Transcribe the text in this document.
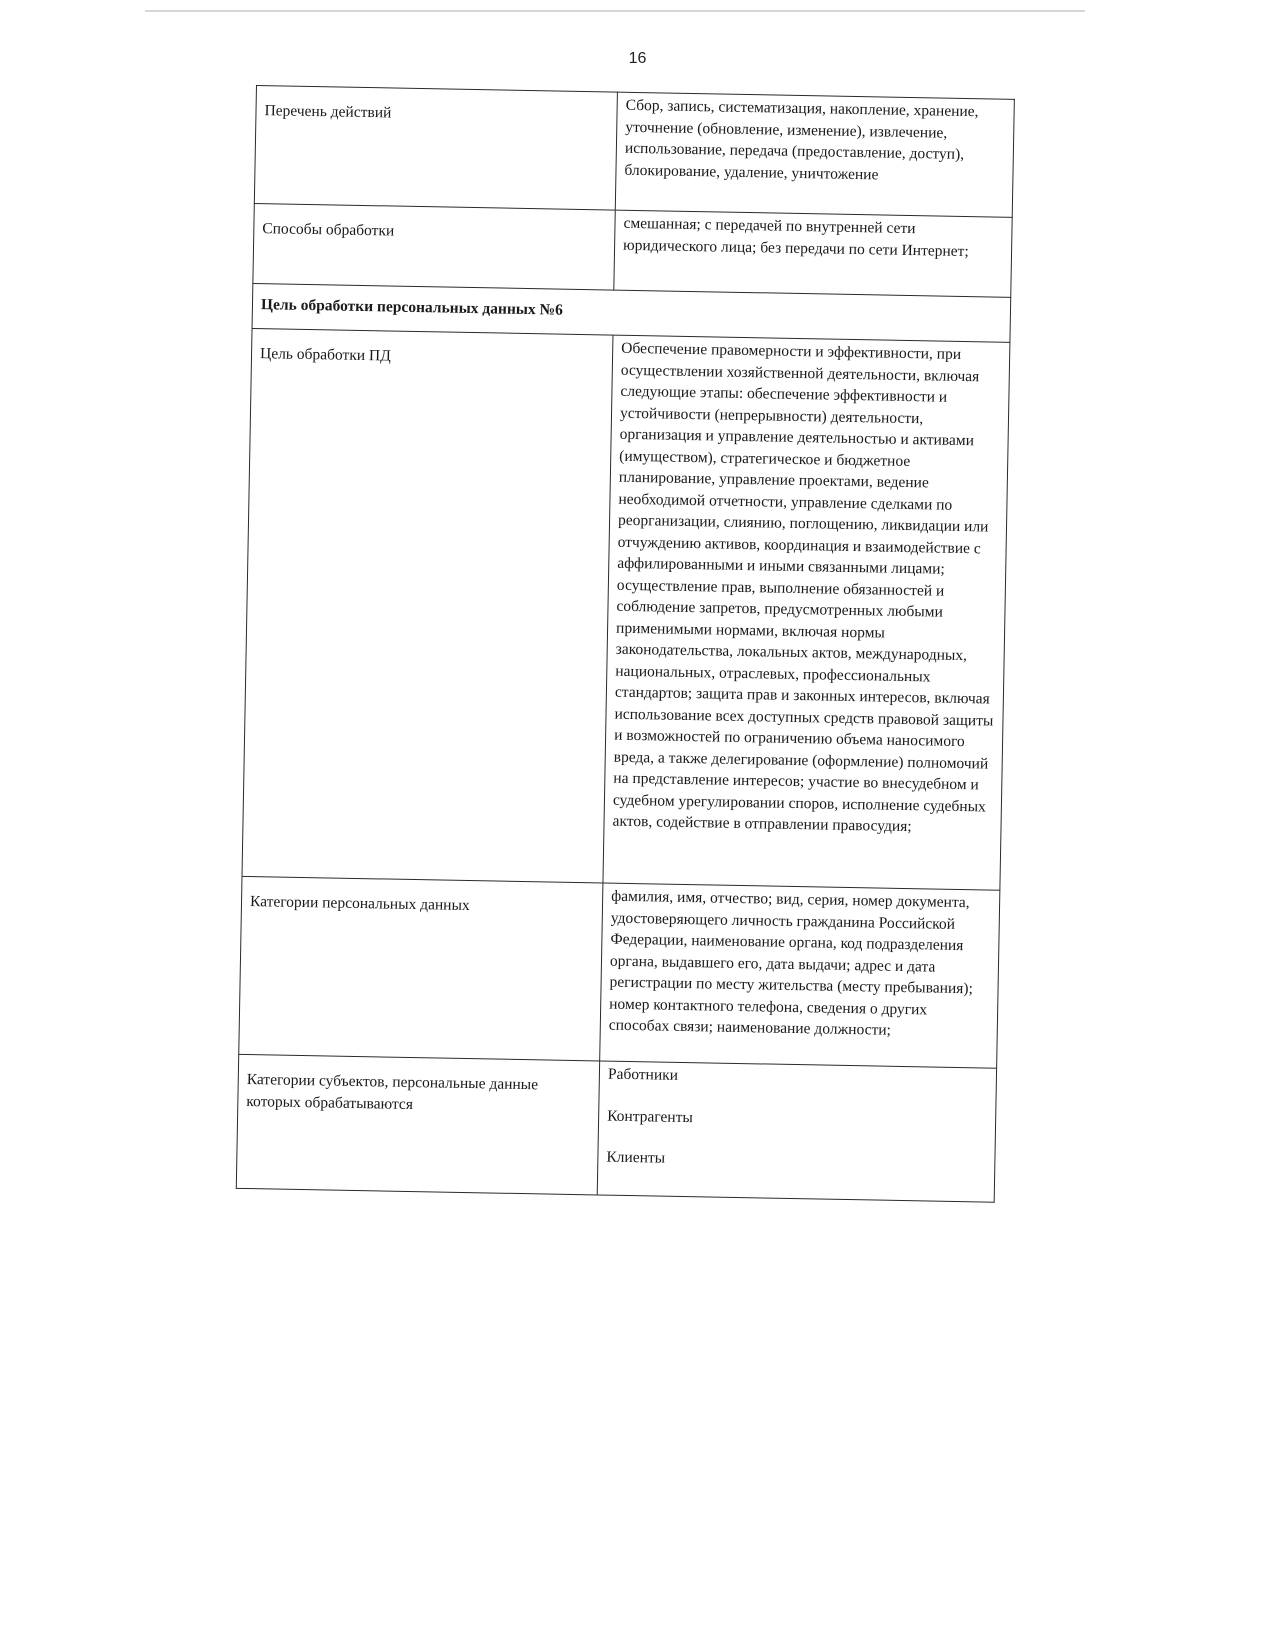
16
Перечень действий	Сбор, запись, систематизация, накопление, хранение, уточнение (обновление, изменение), извлечение, использование, передача (предоставление, доступ), блокирование, удаление, уничтожение
Способы обработки	смешанная; с передачей по внутренней сети юридического лица; без передачи по сети Интернет;
Цель обработки персональных данных №6	
Цель обработки ПД	Обеспечение правомерности и эффективности, при осуществлении хозяйственной деятельности, включая следующие этапы: обеспечение эффективности и устойчивости (непрерывности) деятельности, организация и управление деятельностью и активами (имуществом), стратегическое и бюджетное планирование, управление проектами, ведение необходимой отчетности, управление сделками по реорганизации, слиянию, поглощению, ликвидации или отчуждению активов, координация и взаимодействие с аффилированными и иными связанными лицами; осуществление прав, выполнение обязанностей и соблюдение запретов, предусмотренных любыми применимыми нормами, включая нормы законодательства, локальных актов, международных, национальных, отраслевых, профессиональных стандартов; защита прав и законных интересов, включая использование всех доступных средств правовой защиты и возможностей по ограничению объема наносимого вреда, а также делегирование (оформление) полномочий на представление интересов; участие во внесудебном и судебном урегулировании споров, исполнение судебных актов, содействие в отправлении правосудия;
Категории персональных данных	фамилия, имя, отчество; вид, серия, номер документа, удостоверяющего личность гражданина Российской Федерации, наименование органа, код подразделения органа, выдавшего его, дата выдачи; адрес и дата регистрации по месту жительства (месту пребывания); номер контактного телефона, сведения о других способах связи; наименование должности;
Категории субъектов, персональные данные которых обрабатываются	Работники
Контрагенты
Клиенты
